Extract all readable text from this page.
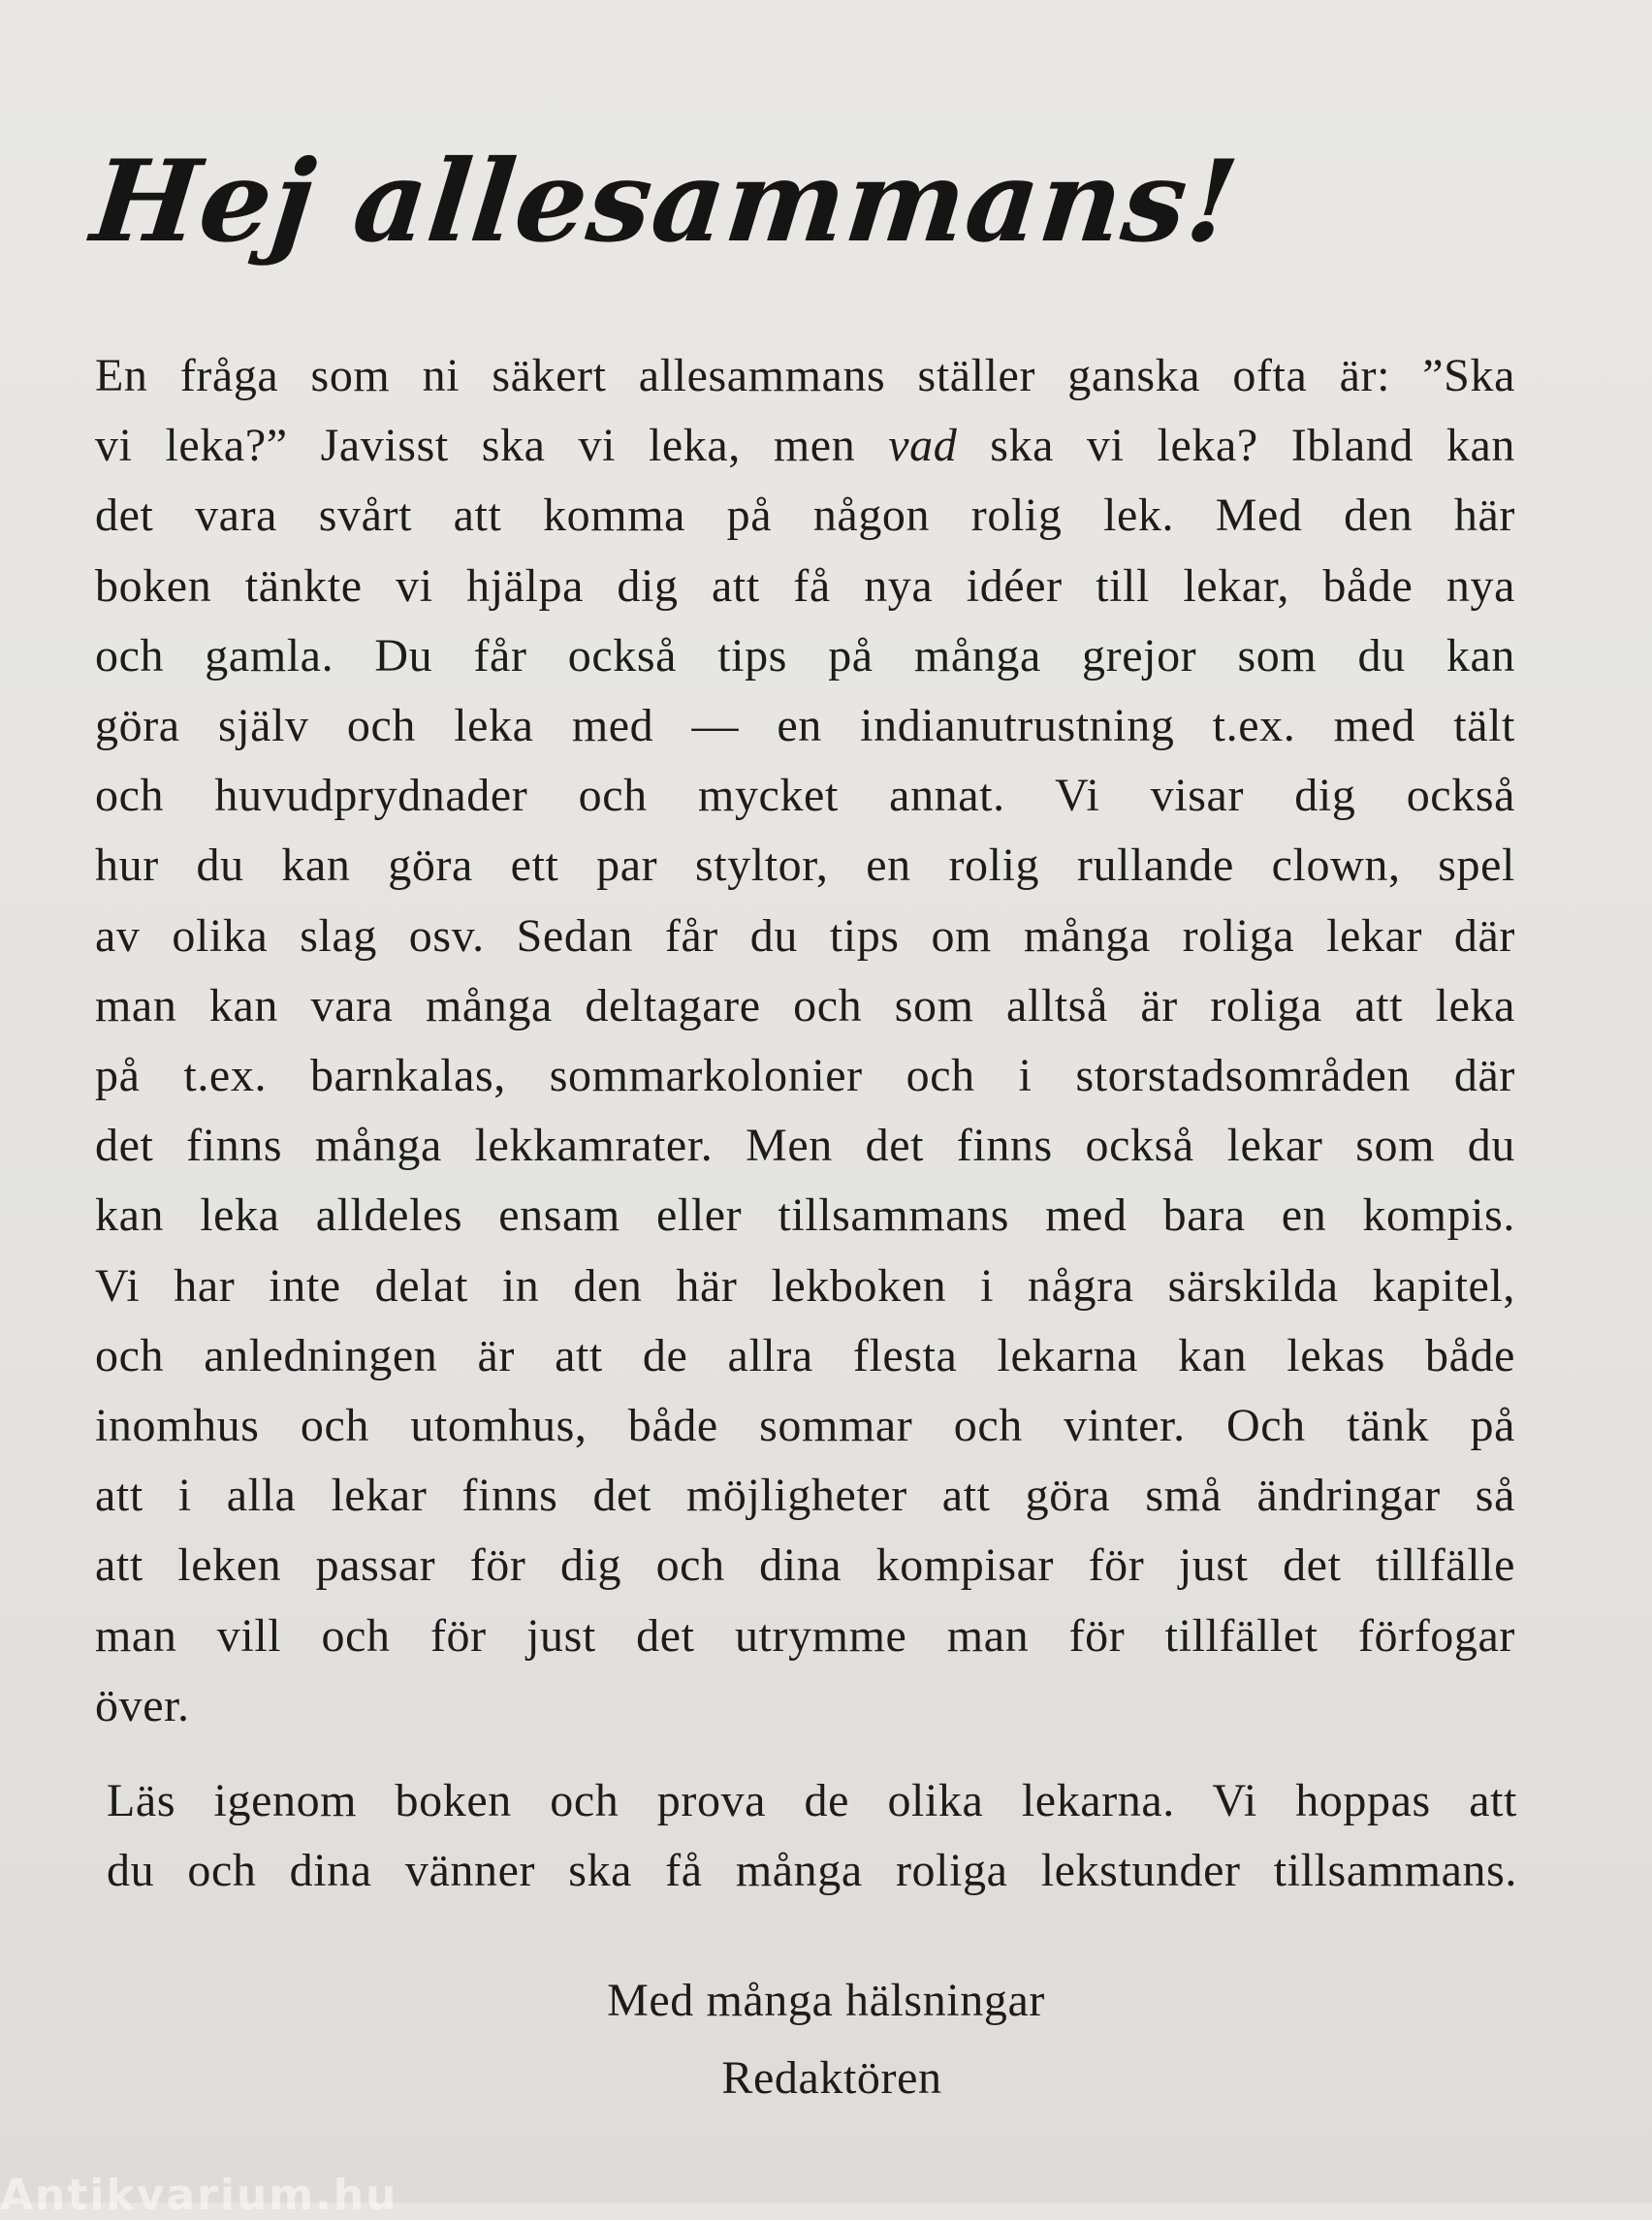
Hej allesammans!
En fråga som ni säkert allesammans ställer ganska ofta är: ”Ska
vi leka?” Javisst ska vi leka, men vad ska vi leka? Ibland kan
det vara svårt att komma på någon rolig lek. Med den här
boken tänkte vi hjälpa dig att få nya idéer till lekar, både nya
och gamla. Du får också tips på många grejor som du kan
göra själv och leka med — en indianutrustning t.ex. med tält
och huvudprydnader och mycket annat. Vi visar dig också
hur du kan göra ett par styltor, en rolig rullande clown, spel
av olika slag osv. Sedan får du tips om många roliga lekar där
man kan vara många deltagare och som alltså är roliga att leka
på t.ex. barnkalas, sommarkolonier och i storstadsområden där
det finns många lekkamrater. Men det finns också lekar som du
kan leka alldeles ensam eller tillsammans med bara en kompis.
Vi har inte delat in den här lekboken i några särskilda kapitel,
och anledningen är att de allra flesta lekarna kan lekas både
inomhus och utomhus, både sommar och vinter. Och tänk på
att i alla lekar finns det möjligheter att göra små ändringar så
att leken passar för dig och dina kompisar för just det tillfälle
man vill och för just det utrymme man för tillfället förfogar
över.
Läs igenom boken och prova de olika lekarna. Vi hoppas att
du och dina vänner ska få många roliga lekstunder tillsammans.

Med många hälsningar

Redaktören

Antikvarium.hu
